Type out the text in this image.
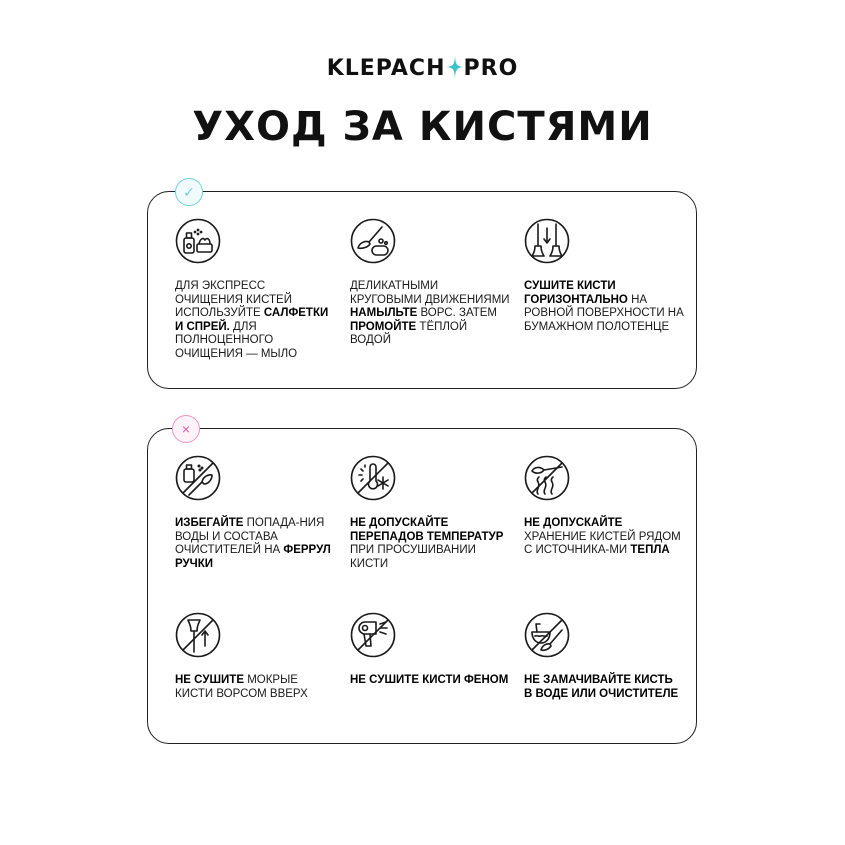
KLEPACH PRO
УХОД ЗА КИСТЯМИ
✓
ДЛЯ ЭКСПРЕСС ОЧИЩЕНИЯ КИСТЕЙ ИСПОЛЬЗУЙТЕ САЛФЕТКИ И СПРЕЙ. ДЛЯ ПОЛНОЦЕННОГО ОЧИЩЕНИЯ — МЫЛО
ДЕЛИКАТНЫМИ КРУГОВЫМИ ДВИЖЕНИЯМИ НАМЫЛЬТЕ ВОРС. ЗАТЕМ ПРОМОЙТЕ ТЁПЛОЙ ВОДОЙ
СУШИТЕ КИСТИ ГОРИЗОНТАЛЬНО НА РОВНОЙ ПОВЕРХНОСТИ НА БУМАЖНОМ ПОЛОТЕНЦЕ
×
ИЗБЕГАЙТЕ ПОПАДА-НИЯ ВОДЫ И СОСТАВА ОЧИСТИТЕЛЕЙ НА ФЕРРУЛ РУЧКИ
НЕ ДОПУСКАЙТЕ ПЕРЕПАДОВ ТЕМПЕРАТУР ПРИ ПРОСУШИВАНИИ КИСТИ
НЕ ДОПУСКАЙТЕ ХРАНЕНИЕ КИСТЕЙ РЯДОМ С ИСТОЧНИКА-МИ ТЕПЛА
НЕ СУШИТЕ МОКРЫЕ КИСТИ ВОРСОМ ВВЕРХ
НЕ СУШИТЕ КИСТИ ФЕНОМ НЕ ЗАМАЧИВАЙТЕ КИСТЬ В ВОДЕ ИЛИ ОЧИСТИТЕЛЕ
